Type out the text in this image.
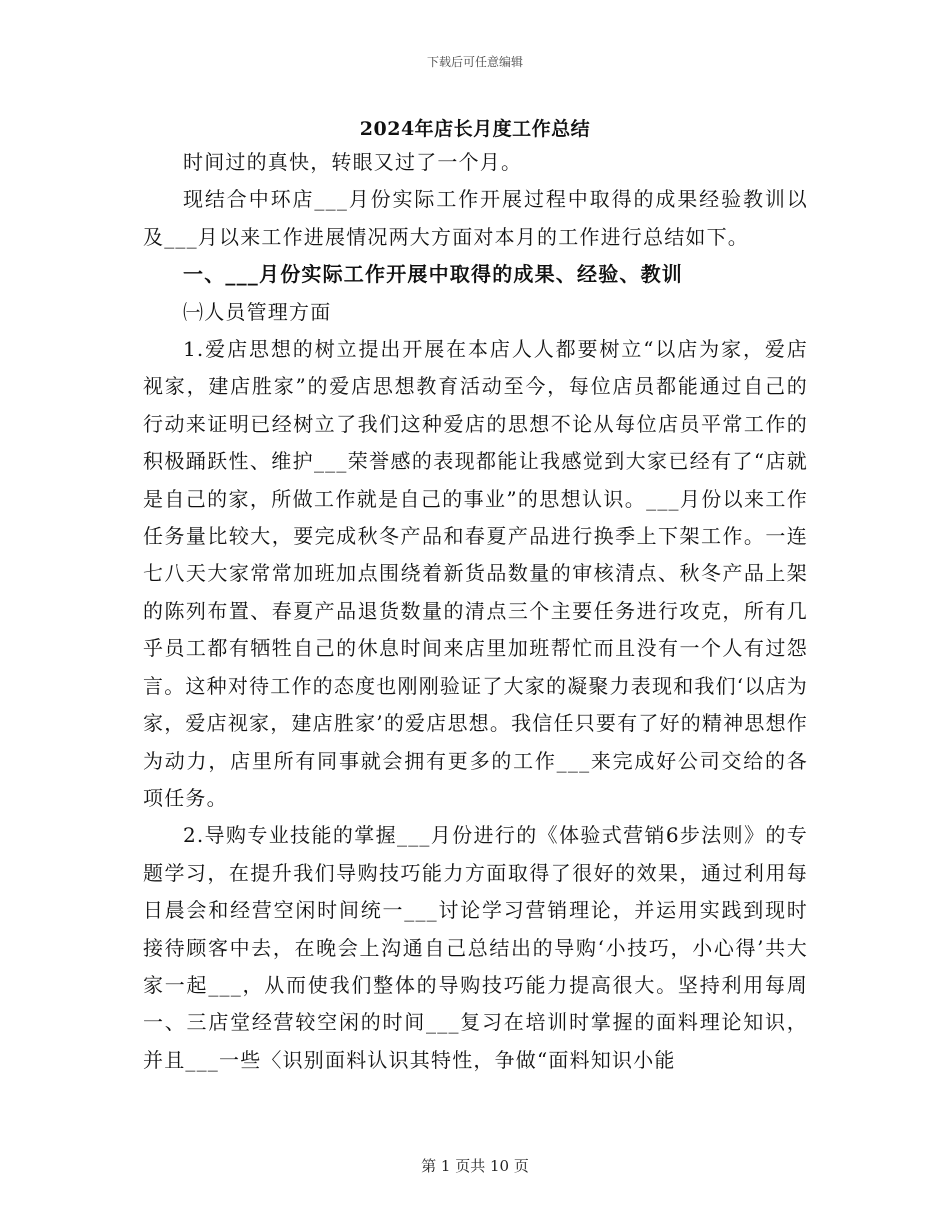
下载后可任意编辑
2024年店长月度工作总结

时间过的真快，转眼又过了一个月。

现结合中环店___月份实际工作开展过程中取得的成果经验教训以及___月以来工作进展情况两大方面对本月的工作进行总结如下。

一、___月份实际工作开展中取得的成果、经验、教训

㈠人员管理方面

1.爱店思想的树立提出开展在本店人人都要树立“以店为家，爱店视家，建店胜家”的爱店思想教育活动至今，每位店员都能通过自己的行动来证明已经树立了我们这种爱店的思想不论从每位店员平常工作的积极踊跃性、维护___荣誉感的表现都能让我感觉到大家已经有了“店就是自己的家，所做工作就是自己的事业”的思想认识。___月份以来工作任务量比较大，要完成秋冬产品和春夏产品进行换季上下架工作。一连七八天大家常常加班加点围绕着新货品数量的审核清点、秋冬产品上架的陈列布置、春夏产品退货数量的清点三个主要任务进行攻克，所有几乎员工都有牺牲自己的休息时间来店里加班帮忙而且没有一个人有过怨言。这种对待工作的态度也刚刚验证了大家的凝聚力表现和我们‘以店为家，爱店视家，建店胜家’的爱店思想。我信任只要有了好的精神思想作为动力，店里所有同事就会拥有更多的工作___来完成好公司交给的各项任务。

2.导购专业技能的掌握___月份进行的《体验式营销6步法则》的专题学习，在提升我们导购技巧能力方面取得了很好的效果，通过利用每日晨会和经营空闲时间统一___讨论学习营销理论，并运用实践到现时接待顾客中去，在晚会上沟通自己总结出的导购‘小技巧，小心得’共大家一起___，从而使我们整体的导购技巧能力提高很大。坚持利用每周一、三店堂经营较空闲的时间___复习在培训时掌握的面料理论知识，并且___一些〈识别面料认识其特性，争做“面料知识小能

第 1 页共 10 页
